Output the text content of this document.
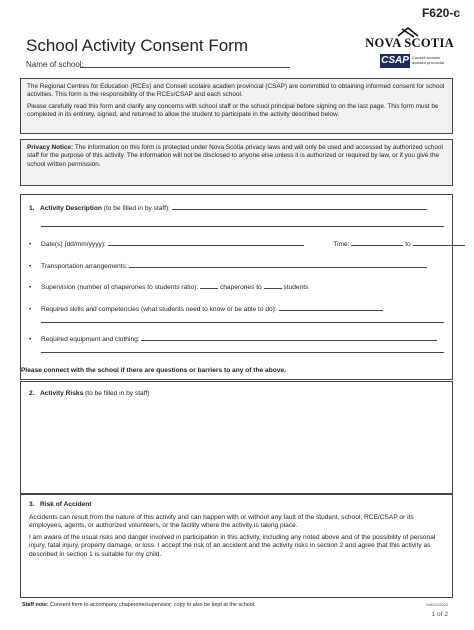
F620-c
School Activity Consent Form
Name of school:
NOVA SCOTIA
CSAP Conseil scolaire
acadien provincial

The Regional Centres for Education (RCEs) and Conseil scolaire acadien provincial (CSAP) are committed to obtaining informed consent for school activities. This form is the responsibility of the RCEs/CSAP and each school.

Please carefully read this form and clarify any concerns with school staff or the school principal before signing on the last page. This form must be completed in its entirety, signed, and returned to allow the student to participate in the activity described below.

Privacy Notice: The information on this form is protected under Nova Scotia privacy laws and will only be used and accessed by authorized school staff for the purpose of this activity. The information will not be disclosed to anyone else unless it is authorized or required by law, or if you give the school written permission.

1. Activity Description (to be filled in by staff):
• Date(s) (dd/mm/yyyy):	Time:	to
• Transportation arrangements:
• Supervision (number of chaperones to students ratio):	chaperones to	students
• Required skills and competencies (what students need to know or be able to do):
• Required equipment and clothing:
Please connect with the school if there are questions or barriers to any of the above.
2. Activity Risks (to be filled in by staff)

3. Risk of Accident

Accidents can result from the nature of this activity and can happen with or without any fault of the student, school, RCE/CSAP or its employees, agents, or authorized volunteers, or the facility where the activity is taking place.

I am aware of the usual risks and danger involved in participation in this activity, including any noted above and of the possibility of personal injury, fatal injury, property damage, or loss. I accept the risk of an accident and the activity risks in section 2 and agree that this activity as described in section 1 is suitable for my child.

Staff note: Consent form to accompany chaperone/supervisor; copy to also be kept at the school.	MAY022023
1 of 2
